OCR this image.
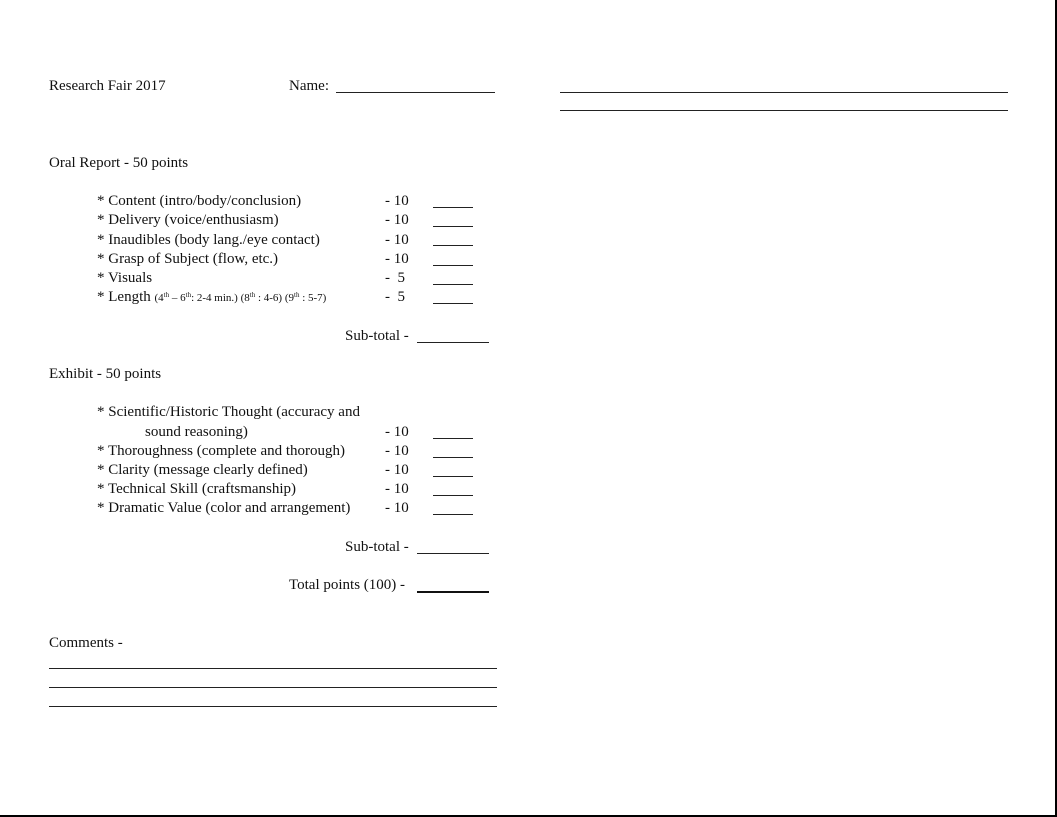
Research Fair 2017	Name:
Oral Report - 50 points
* Content (intro/body/conclusion)	- 10
* Delivery (voice/enthusiasm)	- 10
* Inaudibles (body lang./eye contact)	- 10
* Grasp of Subject (flow, etc.)	- 10
* Visuals	-  5
* Length (4th – 6th: 2-4 min.) (8th : 4-6) (9th : 5-7)	-  5
Sub-total -
Exhibit - 50 points
* Scientific/Historic Thought (accuracy and
sound reasoning)	- 10
* Thoroughness (complete and thorough)	- 10
* Clarity (message clearly defined)	- 10
* Technical Skill (craftsmanship)	- 10
* Dramatic Value (color and arrangement) - 10
Sub-total -
Total points (100) -
Comments -
